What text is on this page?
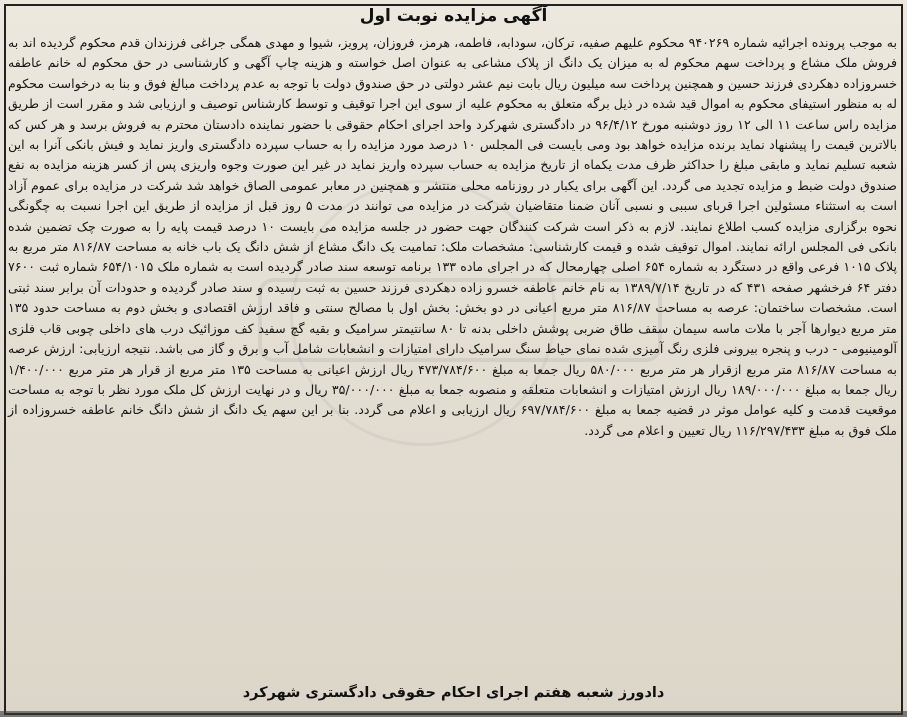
آگهی مزایده نوبت اول

به موجب پرونده اجرائیه شماره ۹۴۰۲۶۹ محکوم علیهم صفیه، ترکان، سودابه، فاطمه، هرمز، فروزان، پرویز، شیوا و مهدی همگی جراغی فرزندان قدم محکوم گردیده اند به فروش ملک مشاع و پرداخت سهم محکوم له به میزان یک دانگ از پلاک مشاعی به عنوان اصل خواسته و هزینه چاپ آگهی و کارشناسی در حق محکوم له خانم عاطفه خسروزاده دهکردی فرزند حسین و همچنین پرداخت سه میلیون ریال بابت نیم عشر دولتی در حق صندوق دولت با توجه به عدم پرداخت مبالغ فوق و بنا به درخواست محکوم له به منظور استیفای محکوم به اموال قید شده در ذیل برگه متعلق به محکوم علیه از سوی این اجرا توقیف و توسط کارشناس توصیف و ارزیابی شد و مقرر است از طریق مزایده راس ساعت ۱۱ الی ۱۲ روز دوشنبه مورخ ۹۶/۴/۱۲ در دادگستری شهرکرد واحد اجرای احکام حقوقی با حضور نماینده دادستان محترم به فروش برسد و هر کس که بالاترین قیمت را پیشنهاد نماید برنده مزایده خواهد بود ومی بایست فی المجلس ۱۰ درصد مورد مزایده را به حساب سپرده دادگستری واریز نماید و فیش بانکی آنرا به این شعبه تسلیم نماید و مابقی مبلغ را حداکثر ظرف مدت یکماه از تاریخ مزایده به حساب سپرده واریز نماید در غیر این صورت وجوه واریزی پس از کسر هزینه مزایده به نفع صندوق دولت ضبط و مزایده تجدید می گردد. این آگهی برای یکبار در روزنامه محلی منتشر و همچنین در معابر عمومی الصاق خواهد شد شرکت در مزایده برای عموم آزاد است به استثناء مسئولین اجرا قربای سببی و نسبی آنان ضمنا متقاضیان شرکت در مزایده می توانند در مدت ۵ روز قبل از مزایده از طریق این اجرا نسبت به چگونگی نحوه برگزاری مزایده کسب اطلاع نمایند. لازم به ذکر است شرکت کنندگان جهت حضور در جلسه مزایده می بایست ۱۰ درصد قیمت پایه را به صورت چک تضمین شده بانکی فی المجلس ارائه نمایند. اموال توقیف شده و قیمت کارشناسی: مشخصات ملک: تمامیت یک دانگ مشاع از شش دانگ یک باب خانه به مساحت ۸۱۶/۸۷ متر مربع به پلاک ۱۰۱۵ فرعی واقع در دستگرد به شماره ۶۵۴ اصلی چهارمحال که در اجرای ماده ۱۳۳ برنامه توسعه سند صادر گردیده است به شماره ملک ۶۵۴/۱۰۱۵ شماره ثبت ۷۶۰۰ دفتر ۶۴ فرخشهر صفحه ۴۳۱ که در تاریخ ۱۳۸۹/۷/۱۴ به نام خانم عاطفه خسرو زاده دهکردی فرزند حسین به ثبت رسیده و سند صادر گردیده و حدودات آن برابر سند ثبتی است. مشخصات ساختمان: عرصه به مساحت ۸۱۶/۸۷ متر مربع اعیانی در دو بخش: بخش اول با مصالح سنتی و فاقد ارزش اقتصادی و بخش دوم به مساحت حدود ۱۳۵ متر مربع دیوارها آجر با ملات ماسه سیمان سقف طاق ضربی پوشش داخلی بدنه تا ۸۰ سانتیمتر سرامیک و بقیه گچ سفید کف موزائیک درب های داخلی چوبی قاب فلزی آلومینیومی - درب و پنجره بیرونی فلزی رنگ آمیزی شده نمای حیاط سنگ سرامیک دارای امتیازات و انشعابات شامل آب و برق و گاز می باشد. نتیجه ارزیابی: ارزش عرصه به مساحت ۸۱۶/۸۷ متر مربع ازقرار هر متر مربع ۵۸۰/۰۰۰ ریال جمعا به مبلغ ۴۷۳/۷۸۴/۶۰۰ ریال ارزش اعیانی به مساحت ۱۳۵ متر مربع از قرار هر متر مربع ۱/۴۰۰/۰۰۰ ریال جمعا به مبلغ ۱۸۹/۰۰۰/۰۰۰ ریال ارزش امتیازات و انشعابات متعلقه و منصوبه جمعا به مبلغ ۳۵/۰۰۰/۰۰۰ ریال و در نهایت ارزش کل ملک مورد نظر با توجه به مساحت موقعیت قدمت و کلیه عوامل موثر در قضیه جمعا به مبلغ ۶۹۷/۷۸۴/۶۰۰ ریال ارزیابی و اعلام می گردد. بنا بر این سهم یک دانگ از شش دانگ خانم عاطفه خسروزاده از ملک فوق به مبلغ ۱۱۶/۲۹۷/۴۳۳ ریال تعیین و اعلام می گردد.

دادورز شعبه هفتم اجرای احکام حقوقی دادگستری شهرکرد
